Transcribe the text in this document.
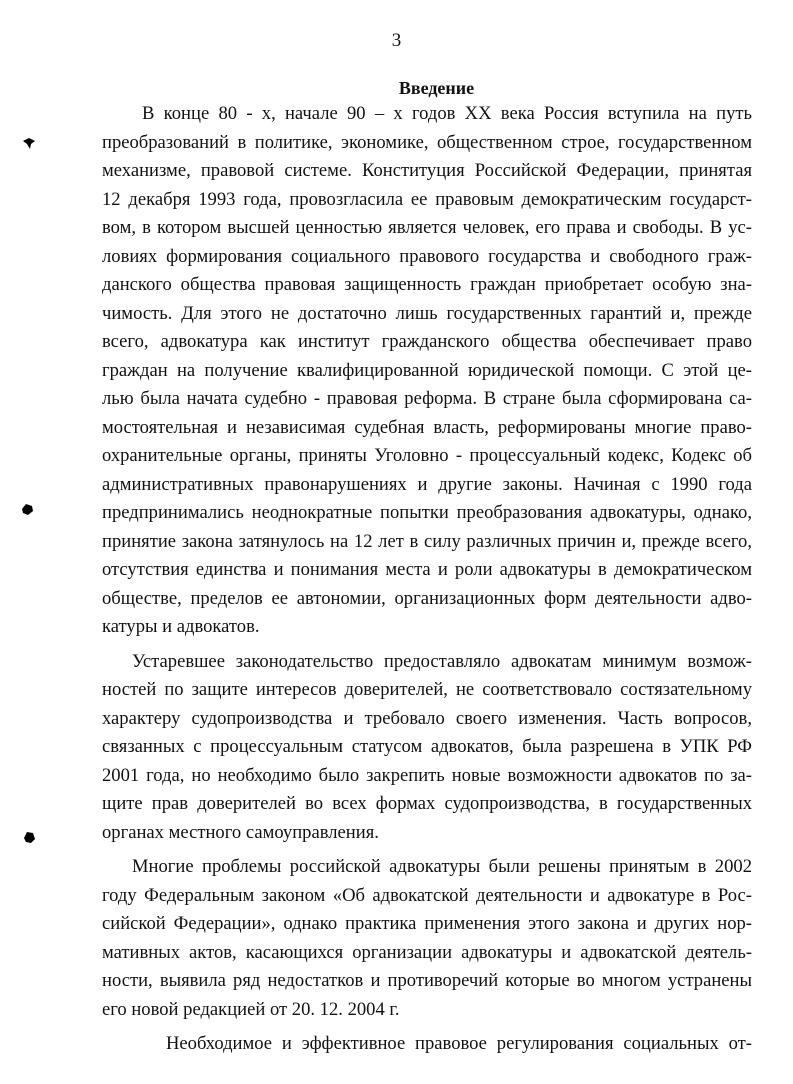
3
Введение
В конце 80 - х, начале 90 – х годов XX века Россия вступила на путь
преобразований в политике, экономике, общественном строе, государственном
механизме, правовой системе. Конституция Российской Федерации, принятая
12 декабря 1993 года, провозгласила ее правовым демократическим государст-
вом, в котором высшей ценностью является человек, его права и свободы. В ус-
ловиях формирования социального правового государства и свободного граж-
данского общества правовая защищенность граждан приобретает особую зна-
чимость. Для этого не достаточно лишь государственных гарантий и, прежде
всего, адвокатура как институт гражданского общества обеспечивает право
граждан на получение квалифицированной юридической помощи. С этой це-
лью была начата судебно - правовая реформа. В стране была сформирована са-
мостоятельная и независимая судебная власть, реформированы многие право-
охранительные органы, приняты Уголовно - процессуальный кодекс, Кодекс об
административных правонарушениях и другие законы. Начиная с 1990 года
предпринимались неоднократные попытки преобразования адвокатуры, однако,
принятие закона затянулось на 12 лет в силу различных причин и, прежде всего,
отсутствия единства и понимания места и роли адвокатуры в демократическом
обществе, пределов ее автономии, организационных форм деятельности адво-
катуры и адвокатов.
Устаревшее законодательство предоставляло адвокатам минимум возмож-
ностей по защите интересов доверителей, не соответствовало состязательному
характеру судопроизводства и требовало своего изменения. Часть вопросов,
связанных с процессуальным статусом адвокатов, была разрешена в УПК РФ
2001 года, но необходимо было закрепить новые возможности адвокатов по за-
щите прав доверителей во всех формах судопроизводства, в государственных
органах местного самоуправления.
Многие проблемы российской адвокатуры были решены принятым в 2002
году Федеральным законом «Об адвокатской деятельности и адвокатуре в Рос-
сийской Федерации», однако практика применения этого закона и других нор-
мативных актов, касающихся организации адвокатуры и адвокатской деятель-
ности, выявила ряд недостатков и противоречий которые во многом устранены
его новой редакцией от 20. 12. 2004 г.
Необходимое и эффективное правовое регулирования социальных от-
